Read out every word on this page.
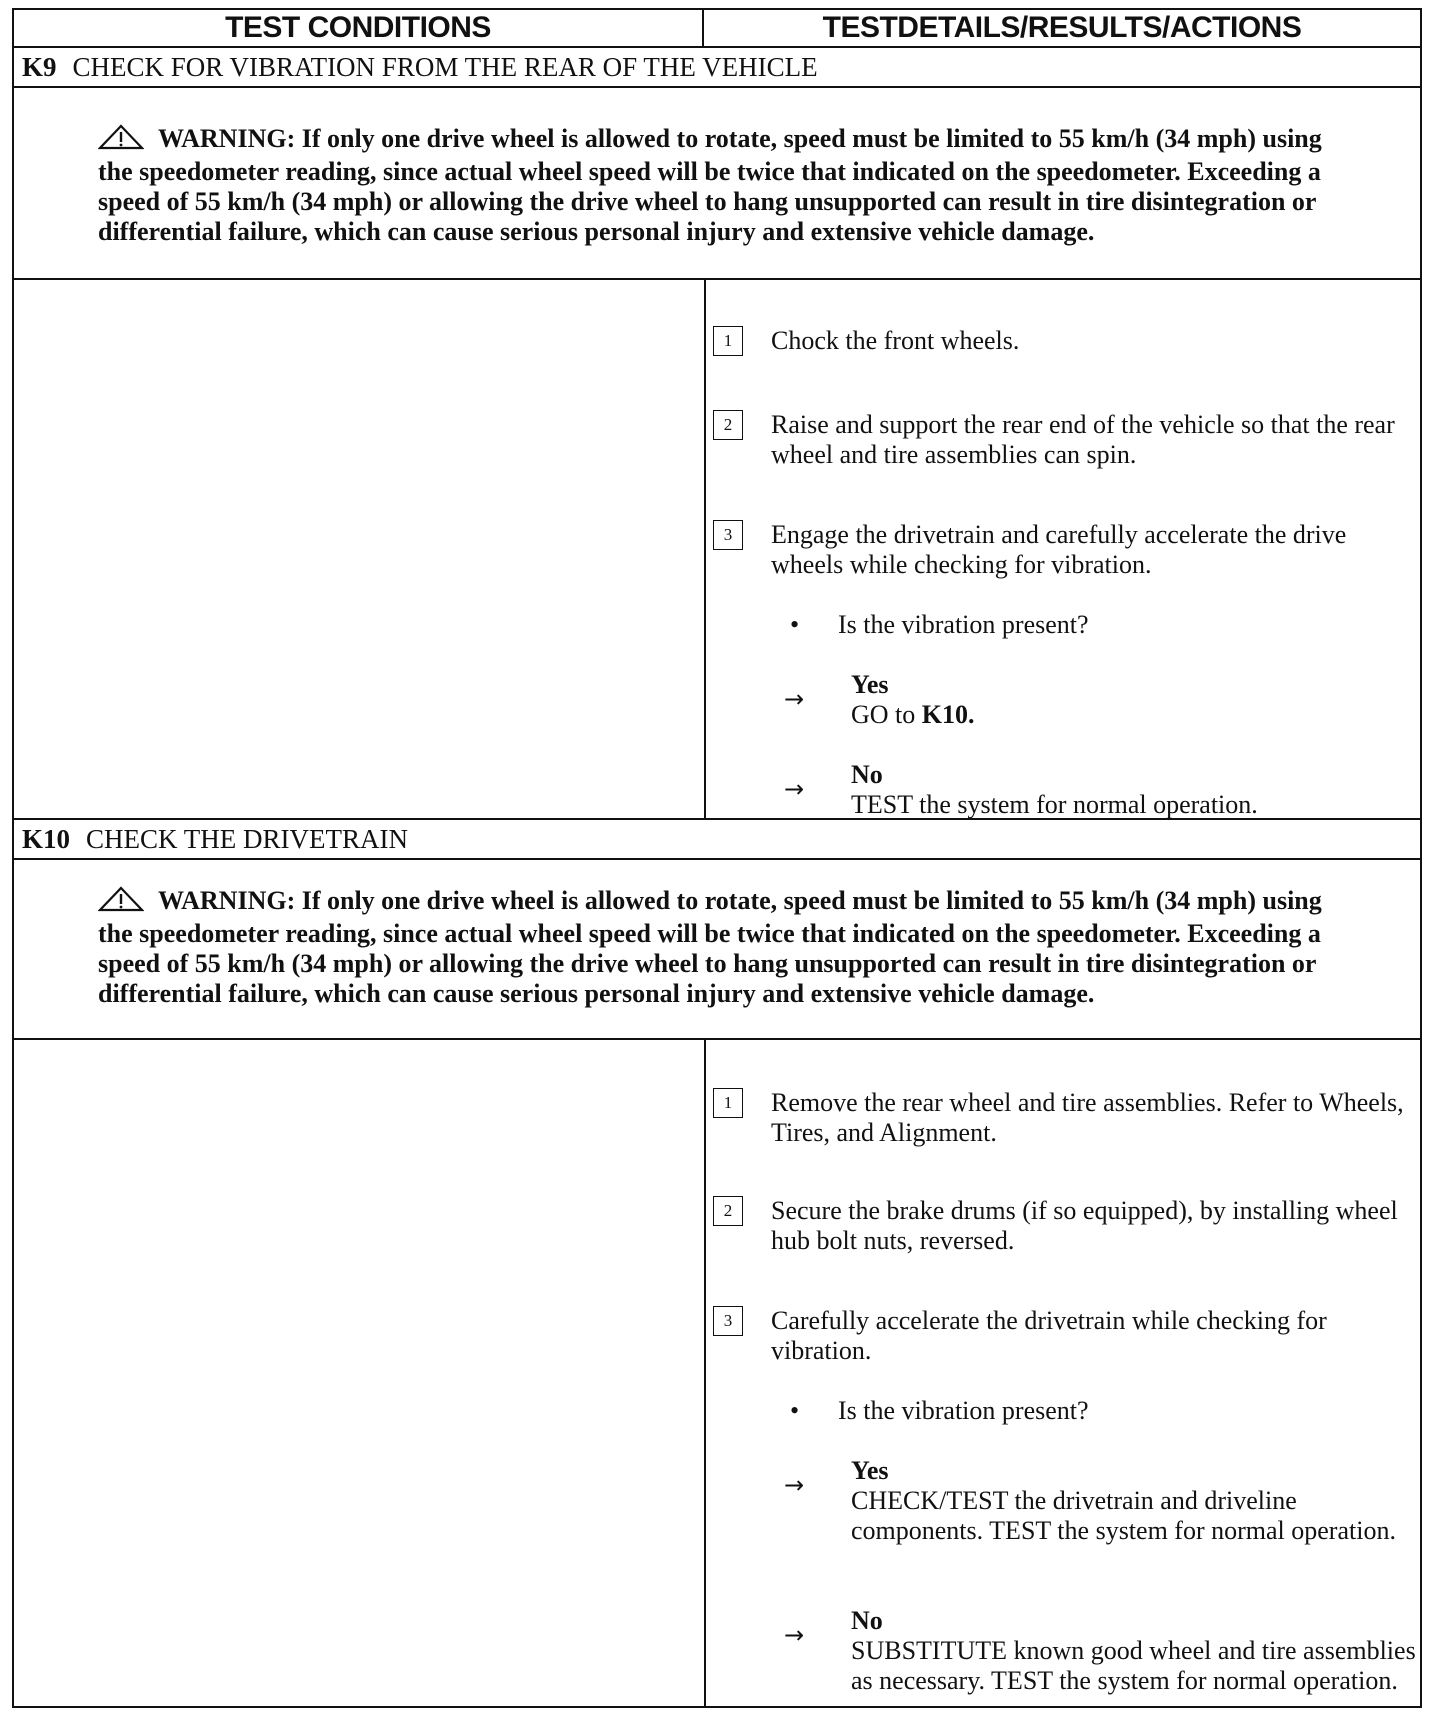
TEST CONDITIONS	TESTDETAILS/RESULTS/ACTIONS
K9 CHECK FOR VIBRATION FROM THE REAR OF THE VEHICLE
WARNING: If only one drive wheel is allowed to rotate, speed must be limited to 55 km/h (34 mph) using the speedometer reading, since actual wheel speed will be twice that indicated on the speedometer. Exceeding a speed of 55 km/h (34 mph) or allowing the drive wheel to hang unsupported can result in tire disintegration or differential failure, which can cause serious personal injury and extensive vehicle damage.
1	Chock the front wheels.
2	Raise and support the rear end of the vehicle so that the rear wheel and tire assemblies can spin.
3	Engage the drivetrain and carefully accelerate the drive wheels while checking for vibration.
• Is the vibration present?
→ Yes
GO to K10.
→ No
TEST the system for normal operation.
K10 CHECK THE DRIVETRAIN
WARNING: If only one drive wheel is allowed to rotate, speed must be limited to 55 km/h (34 mph) using the speedometer reading, since actual wheel speed will be twice that indicated on the speedometer. Exceeding a speed of 55 km/h (34 mph) or allowing the drive wheel to hang unsupported can result in tire disintegration or differential failure, which can cause serious personal injury and extensive vehicle damage.
1	Remove the rear wheel and tire assemblies. Refer to Wheels, Tires, and Alignment.
2	Secure the brake drums (if so equipped), by installing wheel hub bolt nuts, reversed.
3	Carefully accelerate the drivetrain while checking for vibration.
• Is the vibration present?
→ Yes
CHECK/TEST the drivetrain and driveline components. TEST the system for normal operation.
→ No
SUBSTITUTE known good wheel and tire assemblies as necessary. TEST the system for normal operation.
